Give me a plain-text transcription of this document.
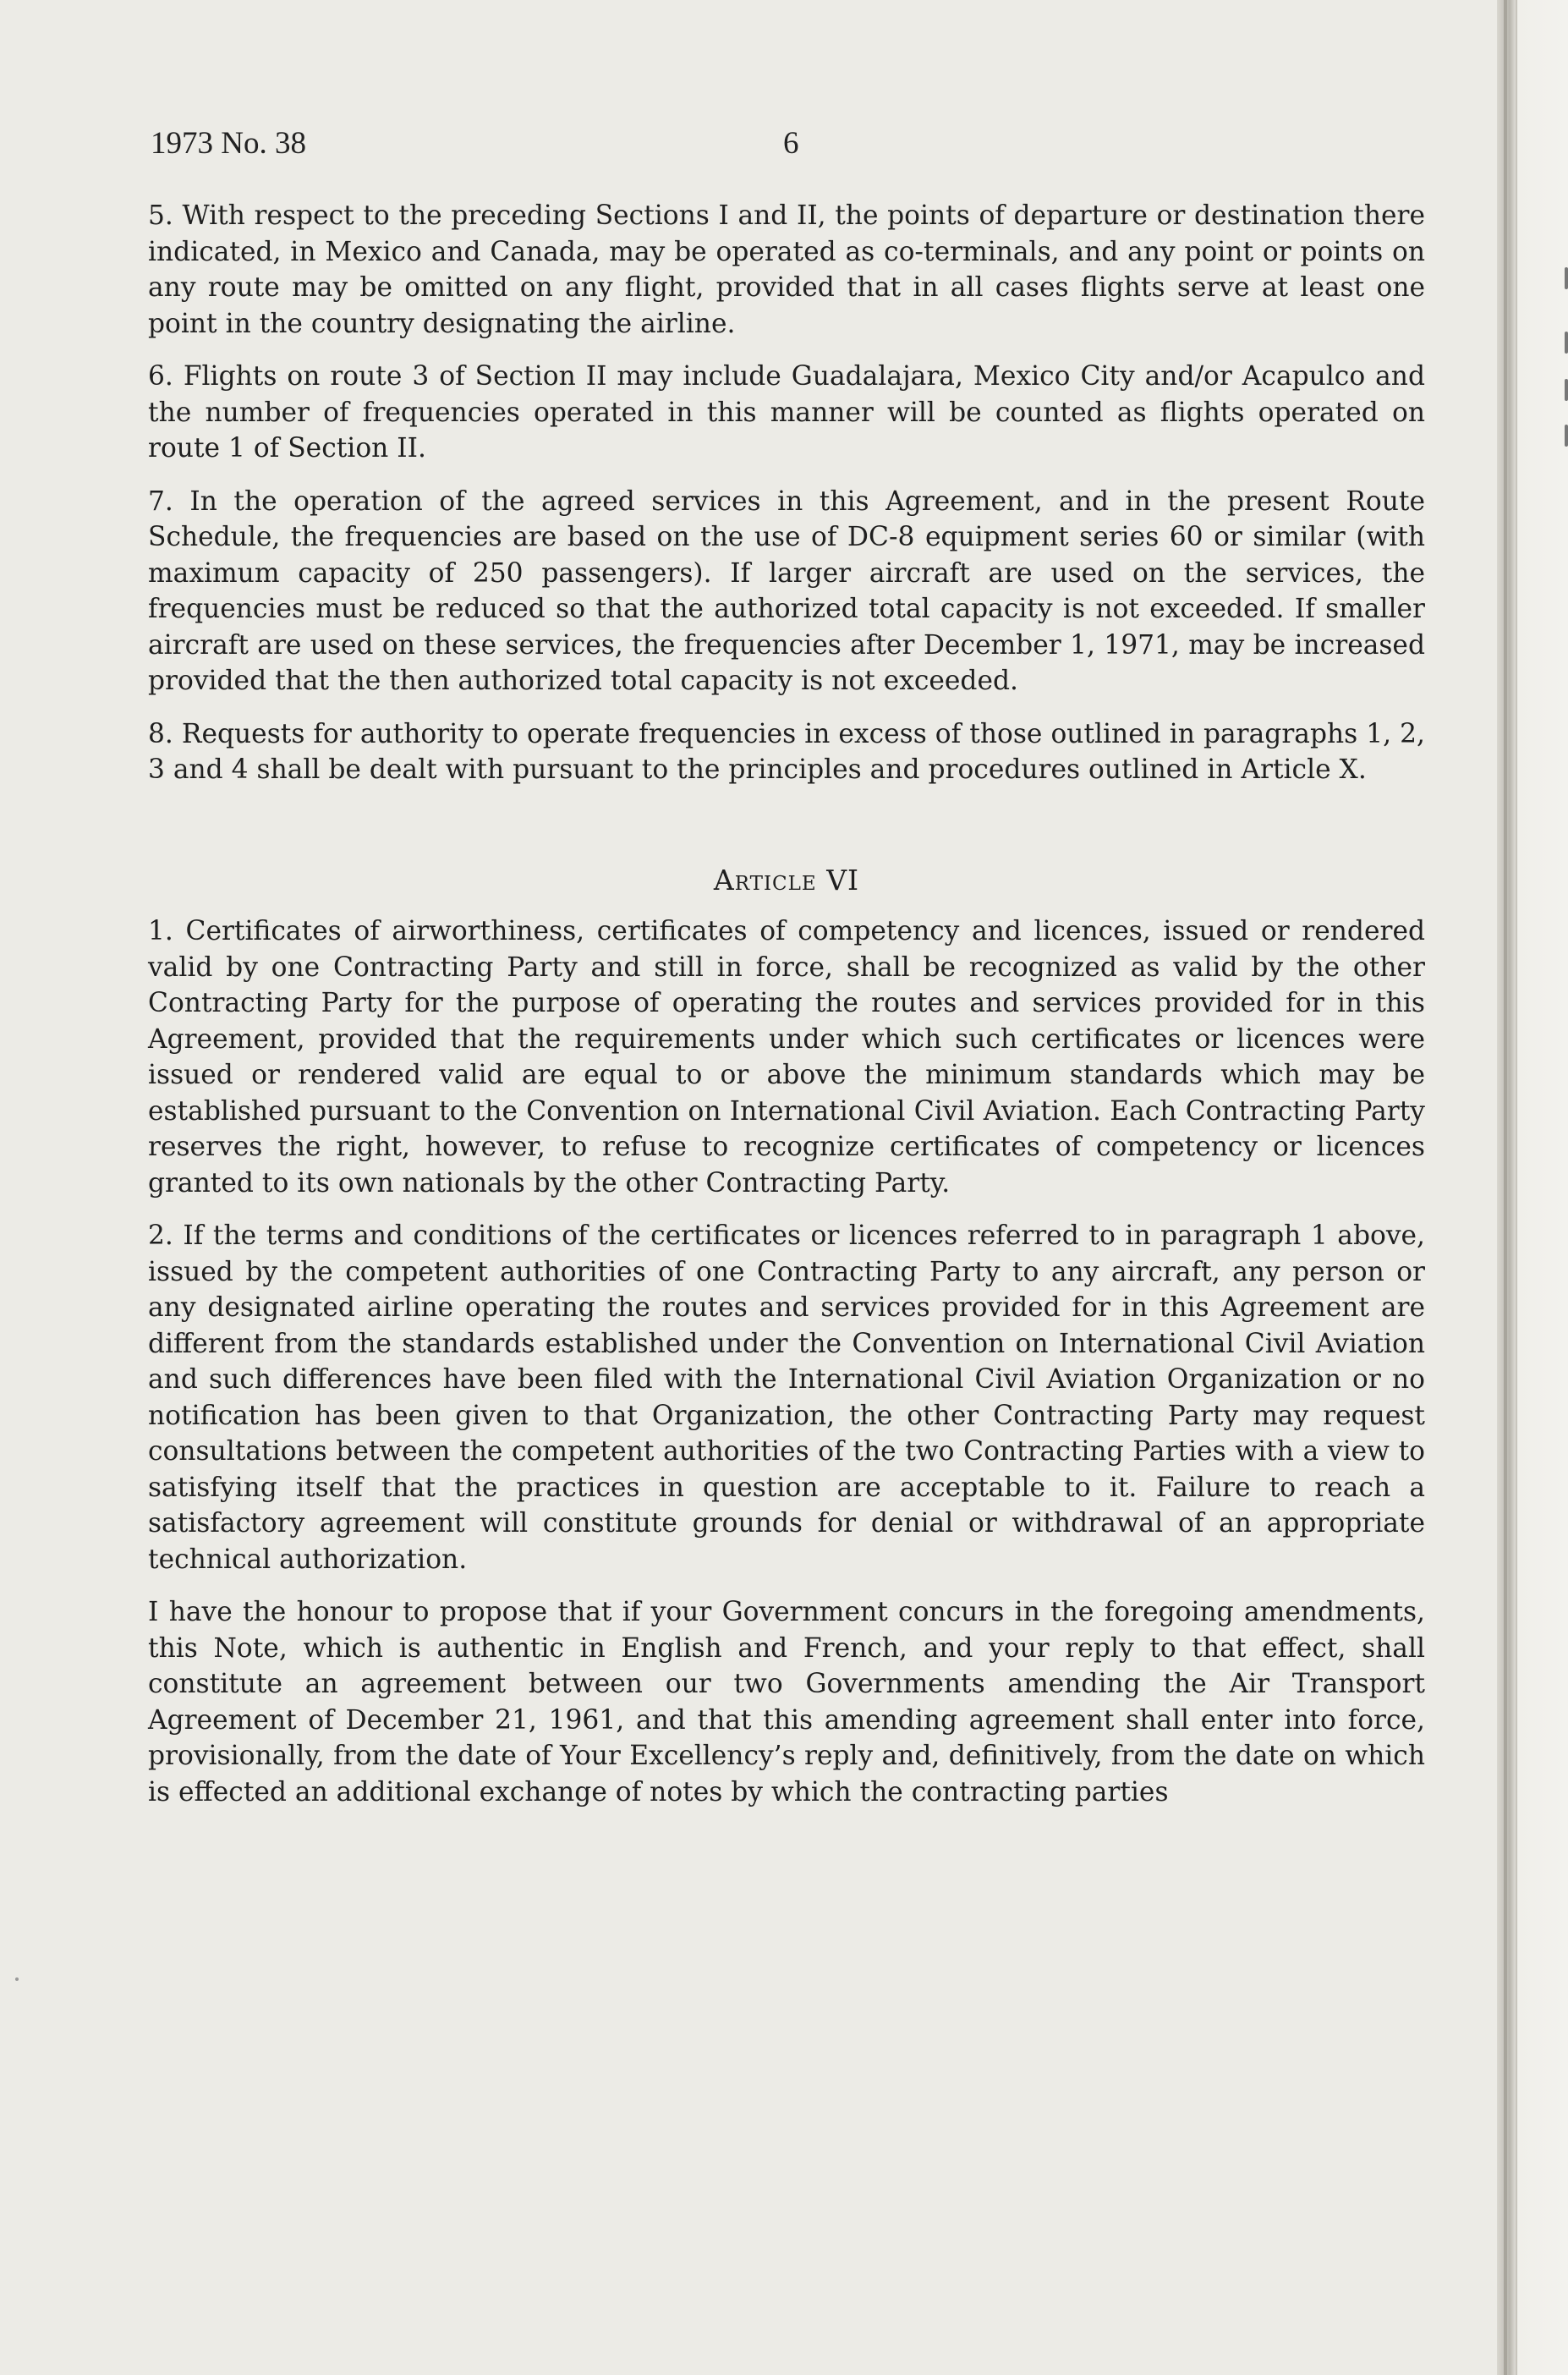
1973 No. 38	6

5. With respect to the preceding Sections I and II, the points of departure or destination there indicated, in Mexico and Canada, may be operated as co-terminals, and any point or points on any route may be omitted on any flight, provided that in all cases flights serve at least one point in the country designating the airline.

6. Flights on route 3 of Section II may include Guadalajara, Mexico City and/or Acapulco and the number of frequencies operated in this manner will be counted as flights operated on route 1 of Section II.

7. In the operation of the agreed services in this Agreement, and in the present Route Schedule, the frequencies are based on the use of DC-8 equipment series 60 or similar (with maximum capacity of 250 passengers). If larger aircraft are used on the services, the frequencies must be reduced so that the authorized total capacity is not exceeded. If smaller aircraft are used on these services, the frequencies after December 1, 1971, may be increased provided that the then authorized total capacity is not exceeded.

8. Requests for authority to operate frequencies in excess of those outlined in paragraphs 1, 2, 3 and 4 shall be dealt with pursuant to the principles and procedures outlined in Article X.

Article VI

1. Certificates of airworthiness, certificates of competency and licences, issued or rendered valid by one Contracting Party and still in force, shall be recognized as valid by the other Contracting Party for the purpose of operating the routes and services provided for in this Agreement, provided that the requirements under which such certificates or licences were issued or rendered valid are equal to or above the minimum standards which may be established pursuant to the Convention on International Civil Aviation. Each Contracting Party reserves the right, however, to refuse to recognize certificates of competency or licences granted to its own nationals by the other Contracting Party.

2. If the terms and conditions of the certificates or licences referred to in paragraph 1 above, issued by the competent authorities of one Contracting Party to any aircraft, any person or any designated airline operating the routes and services provided for in this Agreement are different from the standards established under the Convention on International Civil Aviation and such differences have been filed with the International Civil Aviation Organization or no notification has been given to that Organization, the other Contracting Party may request consultations between the competent authorities of the two Contracting Parties with a view to satisfying itself that the practices in question are acceptable to it. Failure to reach a satisfactory agreement will constitute grounds for denial or withdrawal of an appropriate technical authorization.

I have the honour to propose that if your Government concurs in the foregoing amendments, this Note, which is authentic in English and French, and your reply to that effect, shall constitute an agreement between our two Governments amending the Air Transport Agreement of December 21, 1961, and that this amending agreement shall enter into force, provisionally, from the date of Your Excellency’s reply and, definitively, from the date on which is effected an additional exchange of notes by which the contracting parties
